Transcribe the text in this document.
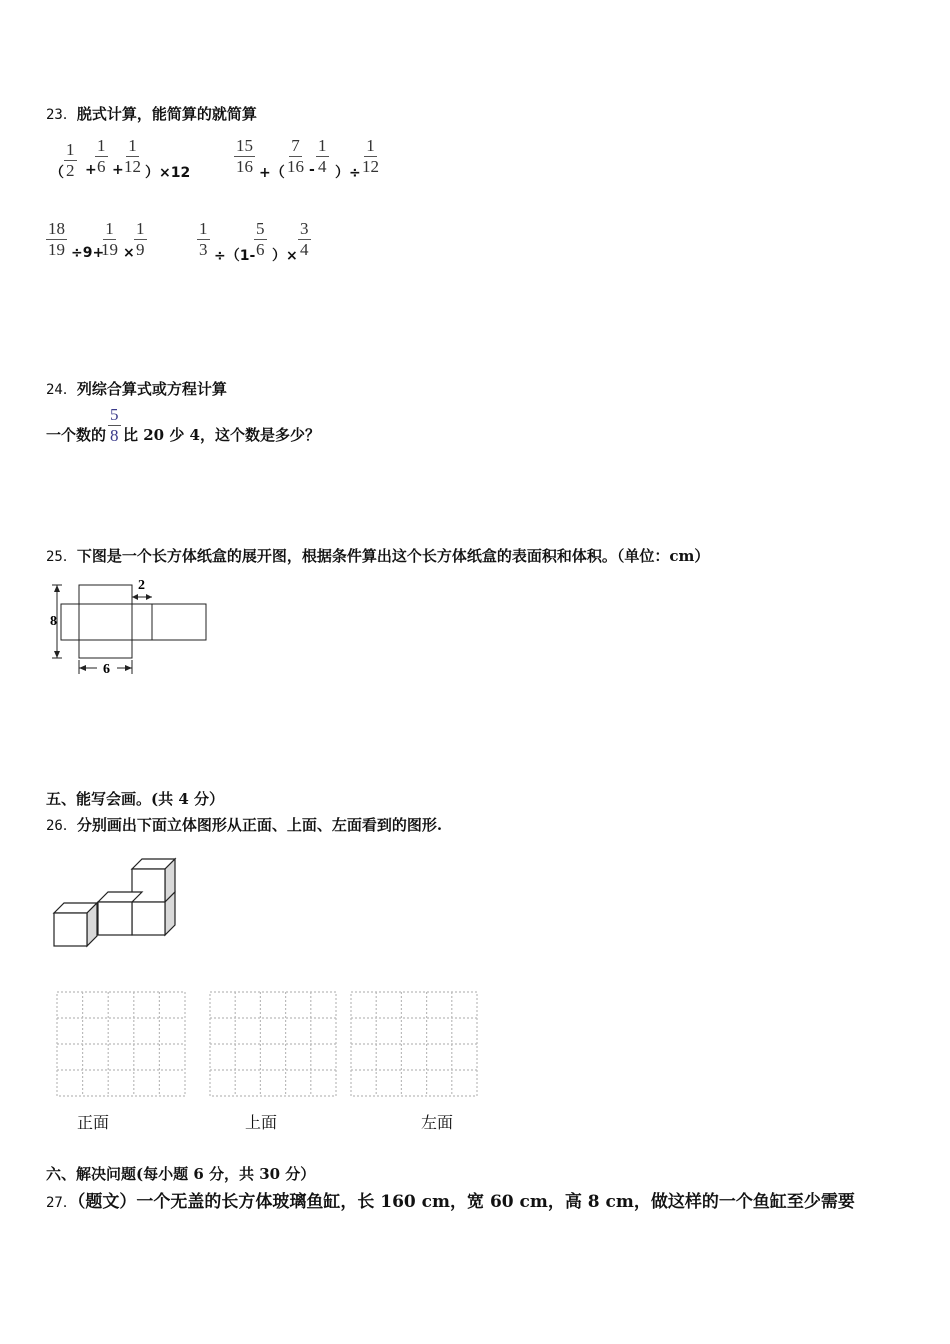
23．脱式计算，能简算的就简算
（ $\frac{1}{2}$ +
$\frac{1}{6}$ +
$\frac{1}{12} )\times 12$	$\frac{15}{16}$ +（ $\frac{7}{16} - \frac{1}{4}$ ）÷ $\frac{1}{12}$
$\frac{18}{19} \div 9+$
$\frac{1}{19} \times \frac{1}{9}$	$\frac{1}{3} \div(1-$
$\frac{5}{6}$ ）× $\frac{3}{4}$
24．列综合算式或方程计算
一个数的 $\frac{5}{8}$ 比 20 少 4，这个数是多少？
25．下图是一个长方体纸盒的展开图，根据条件算出这个长方体纸盒的表面积和体积。（单位：cm）
8
6
2
五、能写会画。(共 4 分）
26．分别画出下面立体图形从正面、上面、左面看到的图形.
正面	上面	左面
六、解决问题(每小题 6 分，共 30 分）
27．（题文）一个无盖的长方体玻璃鱼缸，长 160 cm，宽 60 cm，高 8 cm，做这样的一个鱼缸至少需要
